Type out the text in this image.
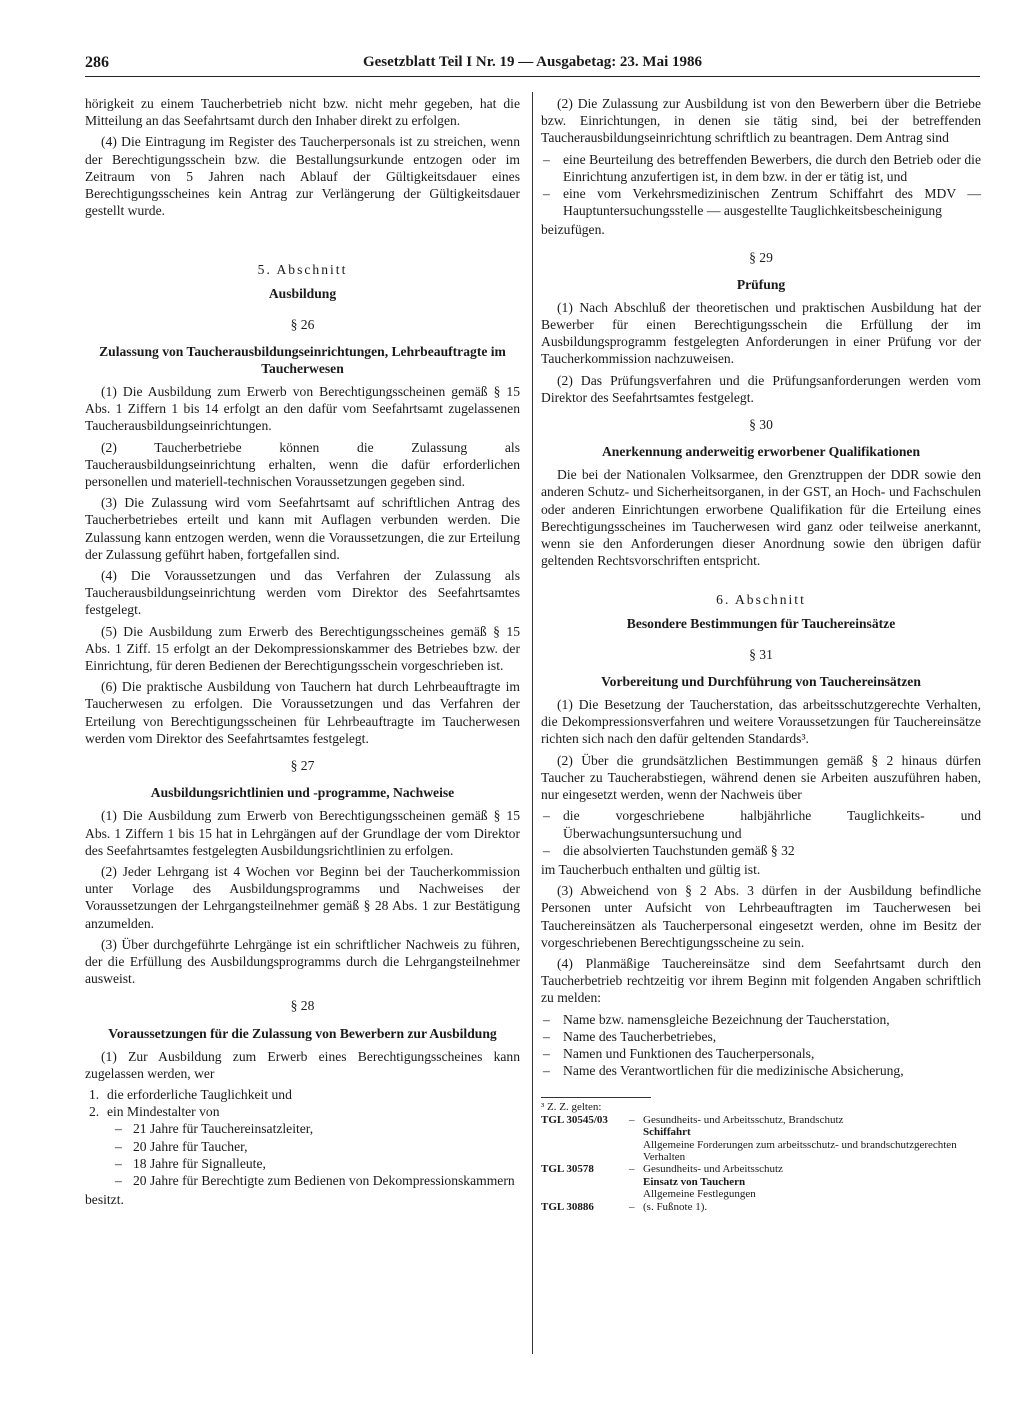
286	Gesetzblatt Teil I Nr. 19 — Ausgabetag: 23. Mai 1986

hörigkeit zu einem Taucherbetrieb nicht bzw. nicht mehr gegeben, hat die Mitteilung an das Seefahrtsamt durch den Inhaber direkt zu erfolgen.

(4) Die Eintragung im Register des Taucherpersonals ist zu streichen, wenn der Berechtigungsschein bzw. die Bestallungsurkunde entzogen oder im Zeitraum von 5 Jahren nach Ablauf der Gültigkeitsdauer eines Berechtigungsscheines kein Antrag zur Verlängerung der Gültigkeitsdauer gestellt wurde.

5. Abschnitt
Ausbildung
§ 26
Zulassung von Taucherausbildungseinrichtungen, Lehrbeauftragte im Taucherwesen

(1) Die Ausbildung zum Erwerb von Berechtigungsscheinen gemäß § 15 Abs. 1 Ziffern 1 bis 14 erfolgt an den dafür vom Seefahrtsamt zugelassenen Taucherausbildungseinrichtungen.

(2) Taucherbetriebe können die Zulassung als Taucherausbildungseinrichtung erhalten, wenn die dafür erforderlichen personellen und materiell-technischen Voraussetzungen gegeben sind.

(3) Die Zulassung wird vom Seefahrtsamt auf schriftlichen Antrag des Taucherbetriebes erteilt und kann mit Auflagen verbunden werden. Die Zulassung kann entzogen werden, wenn die Voraussetzungen, die zur Erteilung der Zulassung geführt haben, fortgefallen sind.

(4) Die Voraussetzungen und das Verfahren der Zulassung als Taucherausbildungseinrichtung werden vom Direktor des Seefahrtsamtes festgelegt.

(5) Die Ausbildung zum Erwerb des Berechtigungsscheines gemäß § 15 Abs. 1 Ziff. 15 erfolgt an der Dekompressionskammer des Betriebes bzw. der Einrichtung, für deren Bedienen der Berechtigungsschein vorgeschrieben ist.

(6) Die praktische Ausbildung von Tauchern hat durch Lehrbeauftragte im Taucherwesen zu erfolgen. Die Voraussetzungen und das Verfahren der Erteilung von Berechtigungsscheinen für Lehrbeauftragte im Taucherwesen werden vom Direktor des Seefahrtsamtes festgelegt.

§ 27
Ausbildungsrichtlinien und -programme, Nachweise

(1) Die Ausbildung zum Erwerb von Berechtigungsscheinen gemäß § 15 Abs. 1 Ziffern 1 bis 15 hat in Lehrgängen auf der Grundlage der vom Direktor des Seefahrtsamtes festgelegten Ausbildungsrichtlinien zu erfolgen.

(2) Jeder Lehrgang ist 4 Wochen vor Beginn bei der Taucherkommission unter Vorlage des Ausbildungsprogramms und Nachweises der Voraussetzungen der Lehrgangsteilnehmer gemäß § 28 Abs. 1 zur Bestätigung anzumelden.

(3) Über durchgeführte Lehrgänge ist ein schriftlicher Nachweis zu führen, der die Erfüllung des Ausbildungsprogramms durch die Lehrgangsteilnehmer ausweist.

§ 28
Voraussetzungen für die Zulassung von Bewerbern zur Ausbildung

(1) Zur Ausbildung zum Erwerb eines Berechtigungsscheines kann zugelassen werden, wer

1. die erforderliche Tauglichkeit und
2. ein Mindestalter von
– 21 Jahre für Tauchereinsatzleiter,
– 20 Jahre für Taucher,
– 18 Jahre für Signalleute,
– 20 Jahre für Berechtigte zum Bedienen von Dekompressionskammern

besitzt.

(2) Die Zulassung zur Ausbildung ist von den Bewerbern über die Betriebe bzw. Einrichtungen, in denen sie tätig sind, bei der betreffenden Taucherausbildungseinrichtung schriftlich zu beantragen. Dem Antrag sind

– eine Beurteilung des betreffenden Bewerbers, die durch den Betrieb oder die Einrichtung anzufertigen ist, in dem bzw. in der er tätig ist, und
– eine vom Verkehrsmedizinischen Zentrum Schiffahrt des MDV — Hauptuntersuchungsstelle — ausgestellte Tauglichkeitsbescheinigung

beizufügen.

§ 29
Prüfung

(1) Nach Abschluß der theoretischen und praktischen Ausbildung hat der Bewerber für einen Berechtigungsschein die Erfüllung der im Ausbildungsprogramm festgelegten Anforderungen in einer Prüfung vor der Taucherkommission nachzuweisen.

(2) Das Prüfungsverfahren und die Prüfungsanforderungen werden vom Direktor des Seefahrtsamtes festgelegt.

§ 30
Anerkennung anderweitig erworbener Qualifikationen

Die bei der Nationalen Volksarmee, den Grenztruppen der DDR sowie den anderen Schutz- und Sicherheitsorganen, in der GST, an Hoch- und Fachschulen oder anderen Einrichtungen erworbene Qualifikation für die Erteilung eines Berechtigungsscheines im Taucherwesen wird ganz oder teilweise anerkannt, wenn sie den Anforderungen dieser Anordnung sowie den übrigen dafür geltenden Rechtsvorschriften entspricht.

6. Abschnitt
Besondere Bestimmungen für Tauchereinsätze
§ 31
Vorbereitung und Durchführung von Tauchereinsätzen

(1) Die Besetzung der Taucherstation, das arbeitsschutzgerechte Verhalten, die Dekompressionsverfahren und weitere Voraussetzungen für Tauchereinsätze richten sich nach den dafür geltenden Standards³.

(2) Über die grundsätzlichen Bestimmungen gemäß § 2 hinaus dürfen Taucher zu Taucherabstiegen, während denen sie Arbeiten auszuführen haben, nur eingesetzt werden, wenn der Nachweis über

– die vorgeschriebene halbjährliche Tauglichkeits- und Überwachungsuntersuchung und
– die absolvierten Tauchstunden gemäß § 32

im Taucherbuch enthalten und gültig ist.

(3) Abweichend von § 2 Abs. 3 dürfen in der Ausbildung befindliche Personen unter Aufsicht von Lehrbeauftragten im Taucherwesen bei Tauchereinsätzen als Taucherpersonal eingesetzt werden, ohne im Besitz der vorgeschriebenen Berechtigungsscheine zu sein.

(4) Planmäßige Tauchereinsätze sind dem Seefahrtsamt durch den Taucherbetrieb rechtzeitig vor ihrem Beginn mit folgenden Angaben schriftlich zu melden:

– Name bzw. namensgleiche Bezeichnung der Taucherstation,
– Name des Taucherbetriebes,
– Namen und Funktionen des Taucherpersonals,
– Name des Verantwortlichen für die medizinische Absicherung,
³ Z. Z. gelten:
TGL 30545/03	– Gesundheits- und Arbeitsschutz, Brandschutz
Schiffahrt
Allgemeine Forderungen zum arbeitsschutz- und brandschutzgerechten Verhalten
TGL 30578	– Gesundheits- und Arbeitsschutz
Einsatz von Tauchern
Allgemeine Festlegungen
TGL 30886	– (s. Fußnote 1).
